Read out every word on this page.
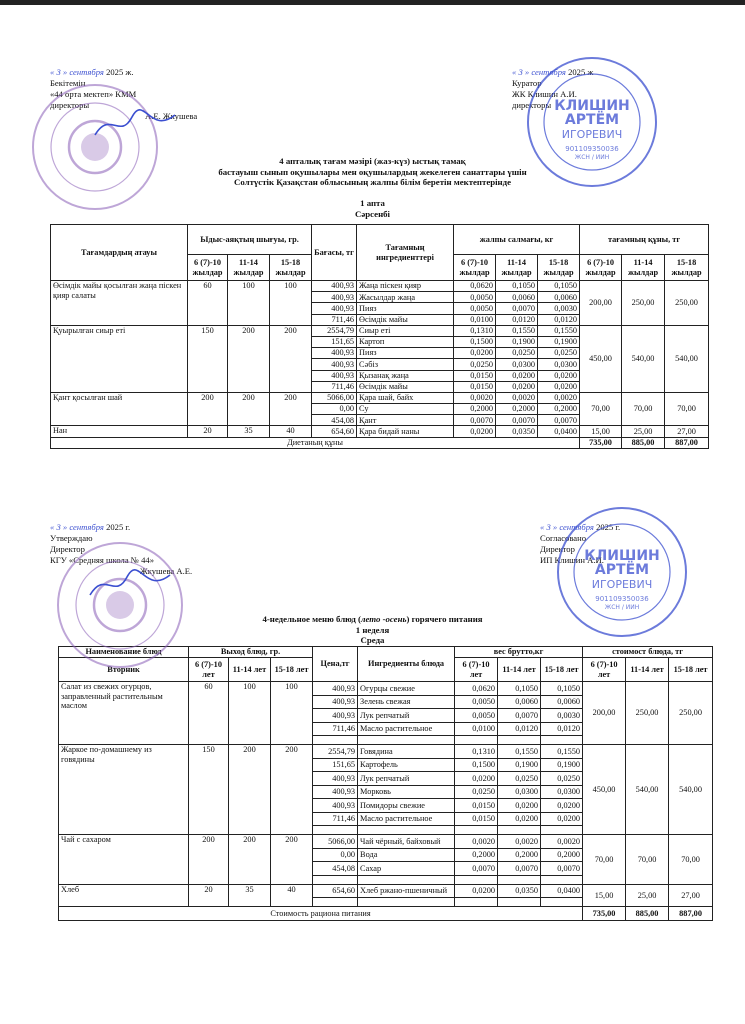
« 3 » сентября 2025 ж.
Бекітемін
«44 орта мектеп» КММ
директоры
А.Е. Жкушева
« 3 » сентября 2025 ж
Куратор
ЖК Клишин А.И.
директоры
4 апталық тағам мәзірі (жаз-күз) ыстық тамақ
бастауыш сынып оқушылары мен оқушылардың жекелеген санаттары үшін
Солтүстік Қазақстан облысының жалпы білім беретін мектептерінде
1 апта
Сәрсенбі
Тағамдардың атауы	Ыдыс-аяқтың шығуы, гр.			Бағасы, тг	Тағамның ингредиенттері	жалпы салмағы, кг			тағамның құны, тг		
	6 (7)-10 жылдар	11-14 жылдар	15-18 жылдар			6 (7)-10 жылдар	11-14 жылдар	15-18 жылдар	6 (7)-10 жылдар	11-14 жылдар	15-18 жылдар
Өсімдік майы қосылған жаңа піскен қияр салаты	60	100	100	400,93	Жаңа піскен қияр	0,0620	0,1050	0,1050	200,00	250,00	250,00
				400,93	Жасылдар жаңа	0,0050	0,0060	0,0060			
				400,93	Пияз	0,0050	0,0070	0,0030			
				711,46	Өсімдік майы	0,0100	0,0120	0,0120			
Қуырылған сиыр еті	150	200	200	2554,79	Сиыр еті	0,1310	0,1550	0,1550	450,00	540,00	540,00
				151,65	Картоп	0,1500	0,1900	0,1900			
				400,93	Пияз	0,0200	0,0250	0,0250			
				400,93	Сәбіз	0,0250	0,0300	0,0300			
				400,93	Қызанақ жаңа	0,0150	0,0200	0,0200			
				711,46	Өсімдік майы	0,0150	0,0200	0,0200			
Қант қосылған шай	200	200	200	5066,00	Қара шай, байх	0,0020	0,0020	0,0020	70,00	70,00	70,00
				0,00	Су	0,2000	0,2000	0,2000			
				454,08	Қант	0,0070	0,0070	0,0070			
Нан	20	35	40	654,60	Қара бидай наны	0,0200	0,0350	0,0400	15,00	25,00	27,00
Диетаның құны									735,00	885,00	887,00
« 3 » сентября 2025 г.
Утверждаю
Директор
КГУ «Средняя школа № 44»
Жкушева А.Е.
« 3 » сентября 2025 г.
Согласовано
Директор
ИП Клишин А.И.
4-недельное меню блюд (лето -осень) горячего питания
1 неделя
Среда
Наименование блюд	Выход блюд, гр.			Цена,тг	Ингредиенты блюда	вес брутто,кг			стоимост блюда, тг		
Вторник	6 (7)-10 лет	11-14 лет	15-18 лет			6 (7)-10 лет	11-14 лет	15-18 лет	6 (7)-10 лет	11-14 лет	15-18 лет
Салат из свежих огурцов, заправленный растительным маслом	60	100	100	400,93	Огурцы свежие	0,0620	0,1050	0,1050	200,00	250,00	250,00
				400,93	Зелень свежая	0,0050	0,0060	0,0060			
				400,93	Лук репчатый	0,0050	0,0070	0,0030			
				711,46	Масло растительное	0,0100	0,0120	0,0120			

Жаркое по-домашнему из говядины	150	200	200	2554,79	Говядина	0,1310	0,1550	0,1550	450,00	540,00	540,00
				151,65	Картофель	0,1500	0,1900	0,1900			
				400,93	Лук репчатый	0,0200	0,0250	0,0250			
				400,93	Морковь	0,0250	0,0300	0,0300			
				400,93	Помидоры свежие	0,0150	0,0200	0,0200			
				711,46	Масло растительное	0,0150	0,0200	0,0200			

Чай с сахаром	200	200	200	5066,00	Чай чёрный, байховый	0,0020	0,0020	0,0020	70,00	70,00	70,00
				0,00	Вода	0,2000	0,2000	0,2000			
				454,08	Сахар	0,0070	0,0070	0,0070			

Хлеб	20	35	40	654,60	Хлеб ржано-пшеничный	0,0200	0,0350	0,0400	15,00	25,00	27,00

Стоимость рациона питания									735,00	885,00	887,00
КЛИШИН
АРТЁМ
ИГОРЕВИЧ
901109350036
ЖСН / ИИН
КЛИШИН
АРТЁМ
ИГОРЕВИЧ
901109350036
ЖСН / ИИН
